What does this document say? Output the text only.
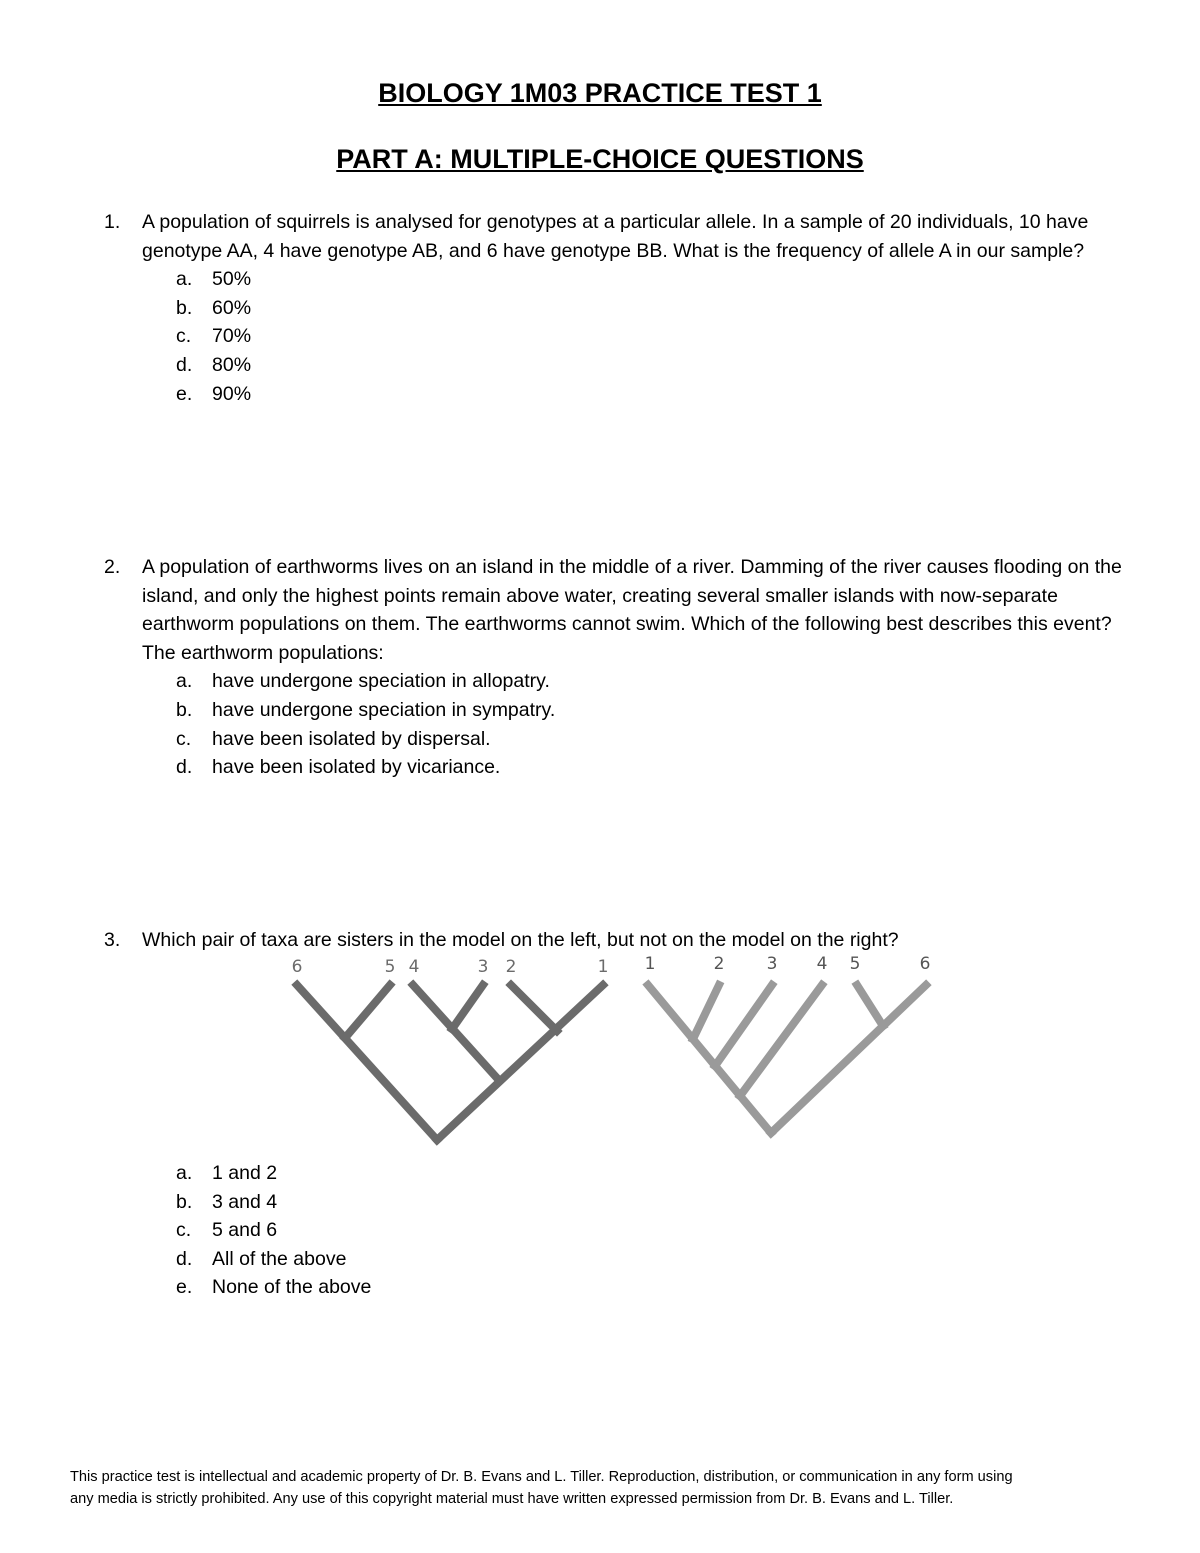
BIOLOGY 1M03 PRACTICE TEST 1
PART A: MULTIPLE-CHOICE QUESTIONS
1. A population of squirrels is analysed for genotypes at a particular allele. In a sample of 20 individuals, 10 have genotype AA, 4 have genotype AB, and 6 have genotype BB. What is the frequency of allele A in our sample?
a. 50%
b. 60%
c. 70%
d. 80%
e. 90%
2. A population of earthworms lives on an island in the middle of a river. Damming of the river causes flooding on the island, and only the highest points remain above water, creating several smaller islands with now-separate earthworm populations on them. The earthworms cannot swim. Which of the following best describes this event? The earthworm populations:
a. have undergone speciation in allopatry.
b. have undergone speciation in sympatry.
c. have been isolated by dispersal.
d. have been isolated by vicariance.
3. Which pair of taxa are sisters in the model on the left, but not on the model on the right?
6	5 4	3 2	1 1	2 3 4 5	6
a. 1 and 2
b. 3 and 4
c. 5 and 6
d. All of the above
e. None of the above
This practice test is intellectual and academic property of Dr. B. Evans and L. Tiller. Reproduction, distribution, or communication in any form using
any media is strictly prohibited. Any use of this copyright material must have written expressed permission from Dr. B. Evans and L. Tiller.
